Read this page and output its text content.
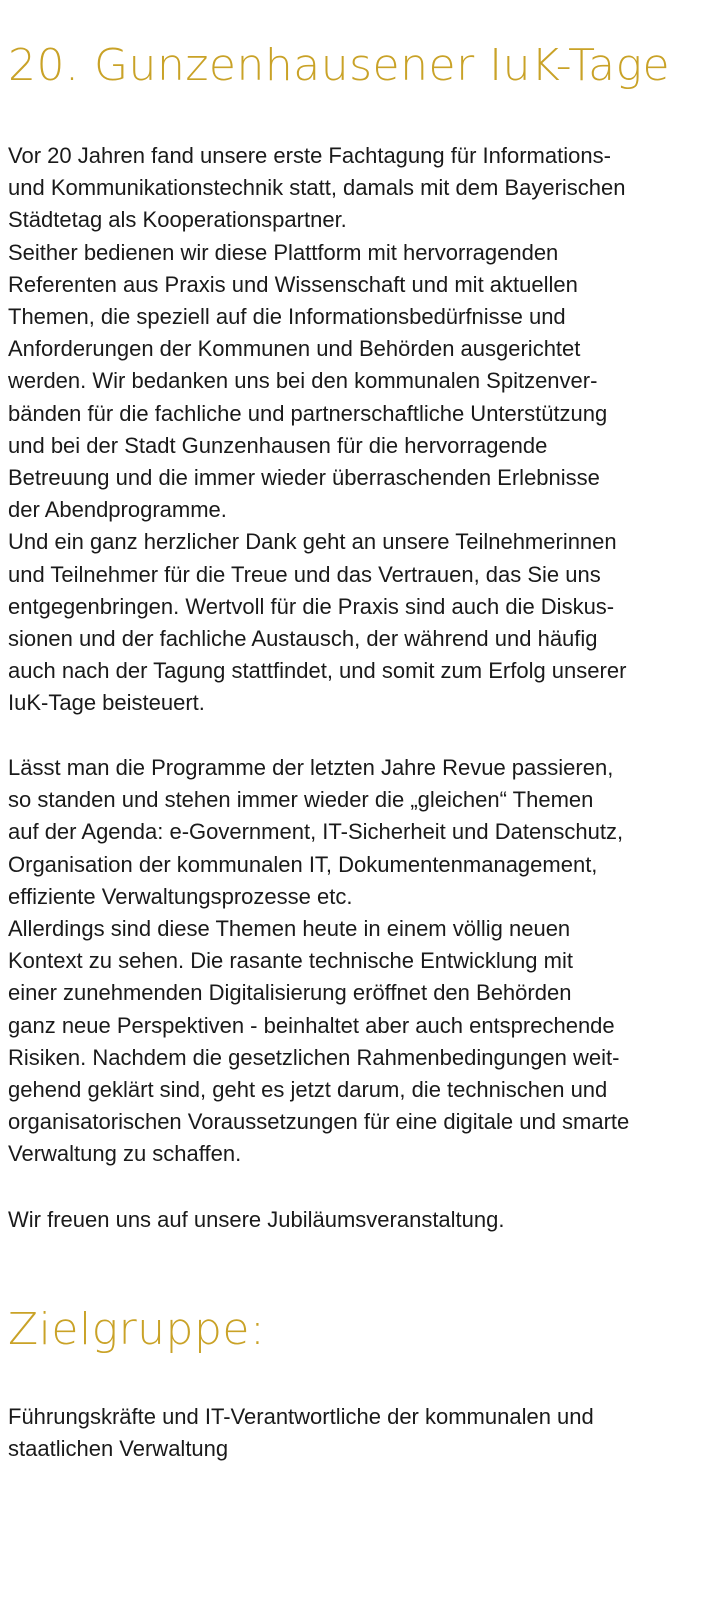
20. Gunzenhausener IuK-Tage

Vor 20 Jahren fand unsere erste Fachtagung für Informations-
und Kommunikationstechnik statt, damals mit dem Bayerischen
Städtetag als Kooperationspartner.
Seither bedienen wir diese Plattform mit hervorragenden
Referenten aus Praxis und Wissenschaft und mit aktuellen
Themen, die speziell auf die Informationsbedürfnisse und
Anforderungen der Kommunen und Behörden ausgerichtet
werden. Wir bedanken uns bei den kommunalen Spitzenver-
bänden für die fachliche und partnerschaftliche Unterstützung
und bei der Stadt Gunzenhausen für die hervorragende
Betreuung und die immer wieder überraschenden Erlebnisse
der Abendprogramme.
Und ein ganz herzlicher Dank geht an unsere Teilnehmerinnen
und Teilnehmer für die Treue und das Vertrauen, das Sie uns
entgegenbringen. Wertvoll für die Praxis sind auch die Diskus-
sionen und der fachliche Austausch, der während und häufig
auch nach der Tagung stattfindet, und somit zum Erfolg unserer
IuK-Tage beisteuert.

Lässt man die Programme der letzten Jahre Revue passieren,
so standen und stehen immer wieder die „gleichen“ Themen
auf der Agenda: e-Government, IT-Sicherheit und Datenschutz,
Organisation der kommunalen IT, Dokumentenmanagement,
effiziente Verwaltungsprozesse etc.
Allerdings sind diese Themen heute in einem völlig neuen
Kontext zu sehen. Die rasante technische Entwicklung mit
einer zunehmenden Digitalisierung eröffnet den Behörden
ganz neue Perspektiven - beinhaltet aber auch entsprechende
Risiken. Nachdem die gesetzlichen Rahmenbedingungen weit-
gehend geklärt sind, geht es jetzt darum, die technischen und
organisatorischen Voraussetzungen für eine digitale und smarte
Verwaltung zu schaffen.

Wir freuen uns auf unsere Jubiläumsveranstaltung.

Zielgruppe:

Führungskräfte und IT-Verantwortliche der kommunalen und
staatlichen Verwaltung
